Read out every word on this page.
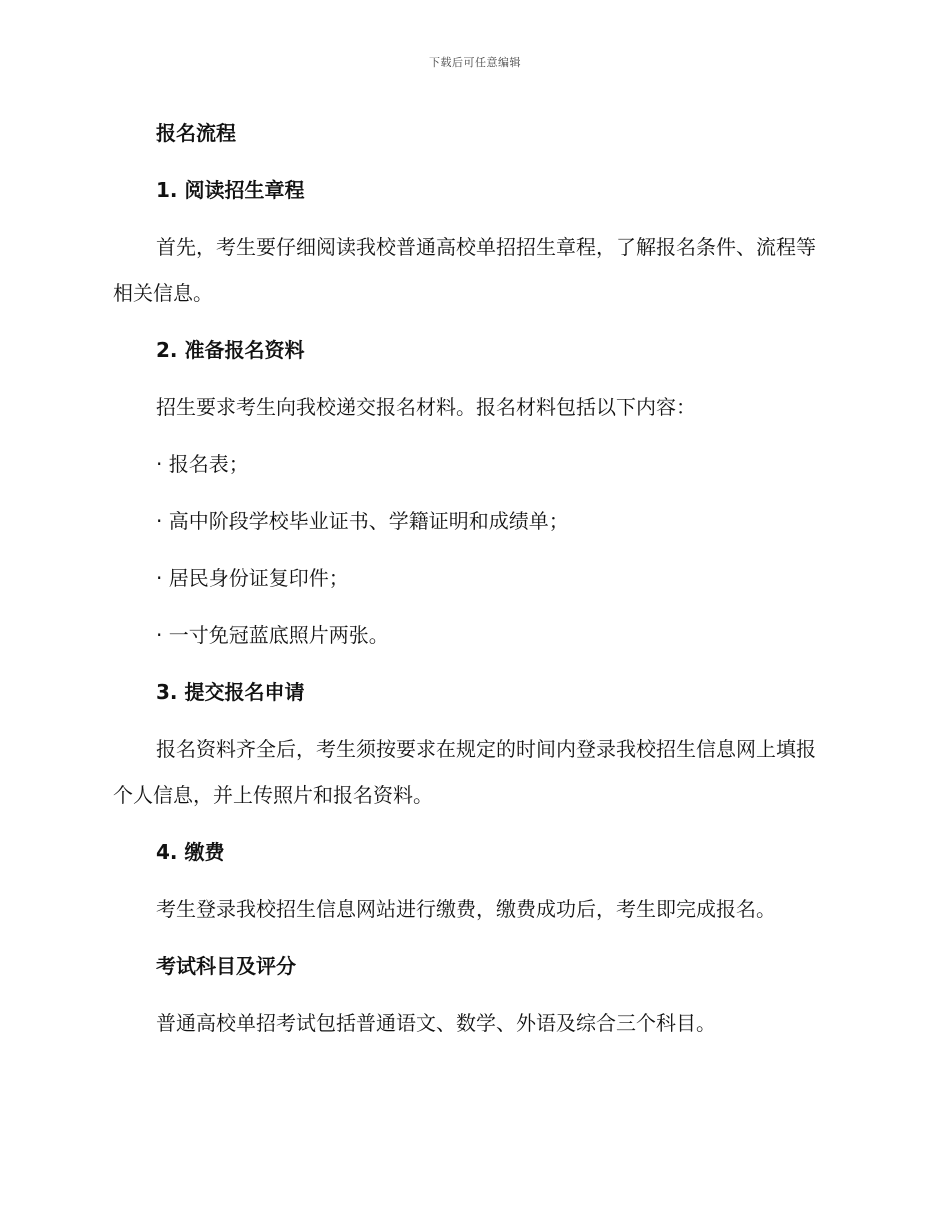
下载后可任意编辑
报名流程
1. 阅读招生章程
首先，考生要仔细阅读我校普通高校单招招生章程，了解报名条件、流程等相关信息。
2. 准备报名资料
招生要求考生向我校递交报名材料。报名材料包括以下内容：
· 报名表；
· 高中阶段学校毕业证书、学籍证明和成绩单；
· 居民身份证复印件；
· 一寸免冠蓝底照片两张。
3. 提交报名申请
报名资料齐全后，考生须按要求在规定的时间内登录我校招生信息网上填报个人信息，并上传照片和报名资料。
4. 缴费
考生登录我校招生信息网站进行缴费，缴费成功后，考生即完成报名。
考试科目及评分
普通高校单招考试包括普通语文、数学、外语及综合三个科目。
